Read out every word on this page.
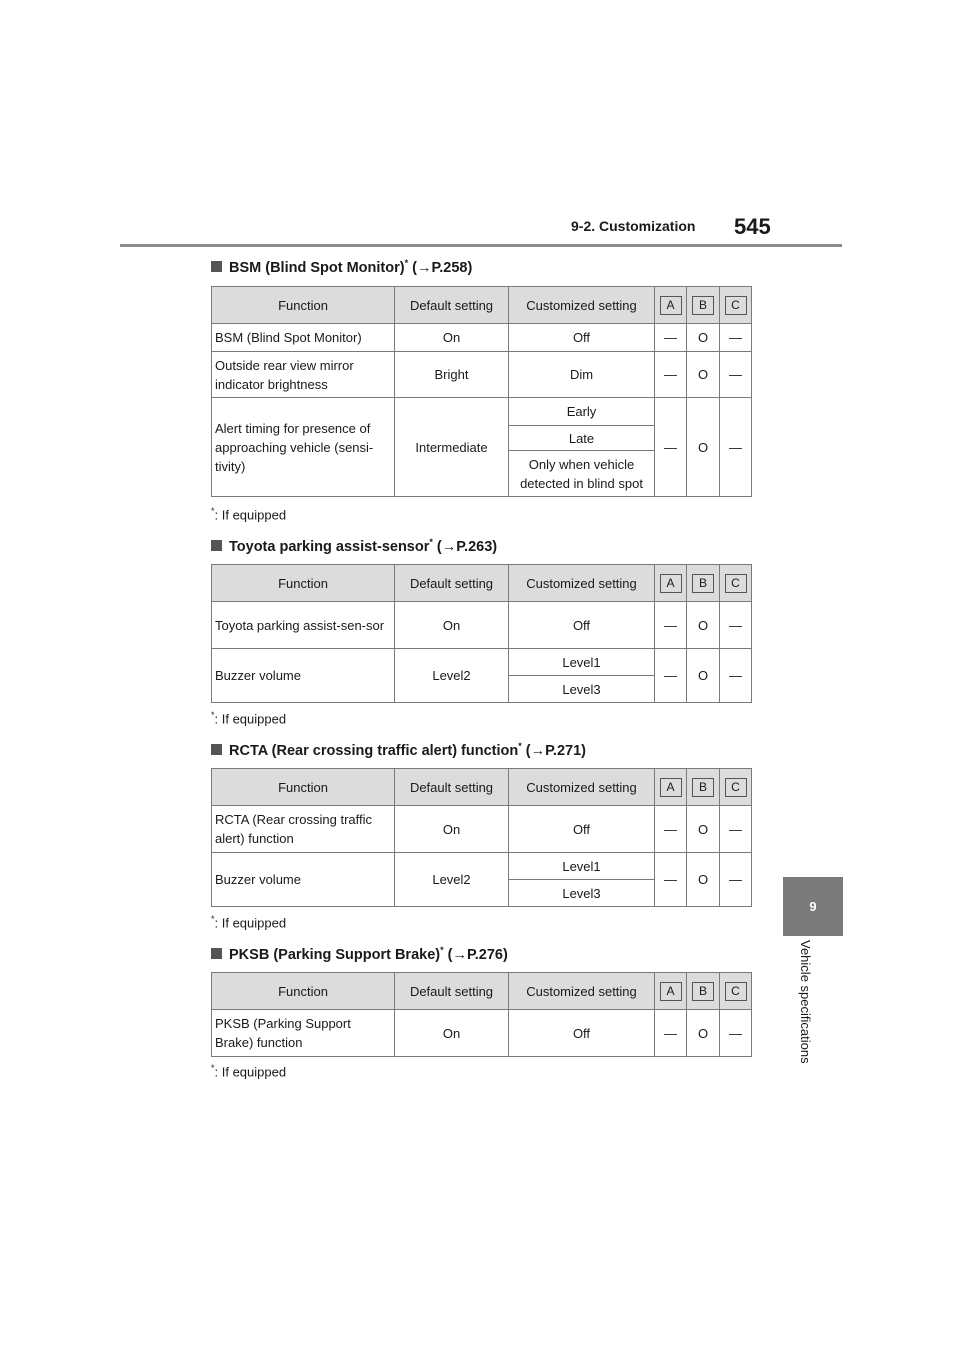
9-2. Customization 545
9
Vehicle specifications
BSM (Blind Spot Monitor)* (→P.258)
Function	Default setting	Customized setting	A	B	C
BSM (Blind Spot Monitor)	On	Off	—	O	—
Outside rear view mirror indicator brightness	Bright	Dim	—	O	—
Alert timing for presence of approaching vehicle (sensi-tivity)	Intermediate	Early	—	O	—
		Late			
		Only when vehicle detected in blind spot			
*: If equipped
Toyota parking assist-sensor* (→P.263)
Function	Default setting	Customized setting	A	B	C
Toyota parking assist-sen-sor	On	Off	—	O	—
Buzzer volume	Level2	Level1	—	O	—
		Level3			
*: If equipped
RCTA (Rear crossing traffic alert) function* (→P.271)
Function	Default setting	Customized setting	A	B	C
RCTA (Rear crossing traffic alert) function	On	Off	—	O	—
Buzzer volume	Level2	Level1	—	O	—
		Level3			
*: If equipped
PKSB (Parking Support Brake)* (→P.276)
Function	Default setting	Customized setting	A	B	C
PKSB (Parking Support Brake) function	On	Off	—	O	—
*: If equipped
